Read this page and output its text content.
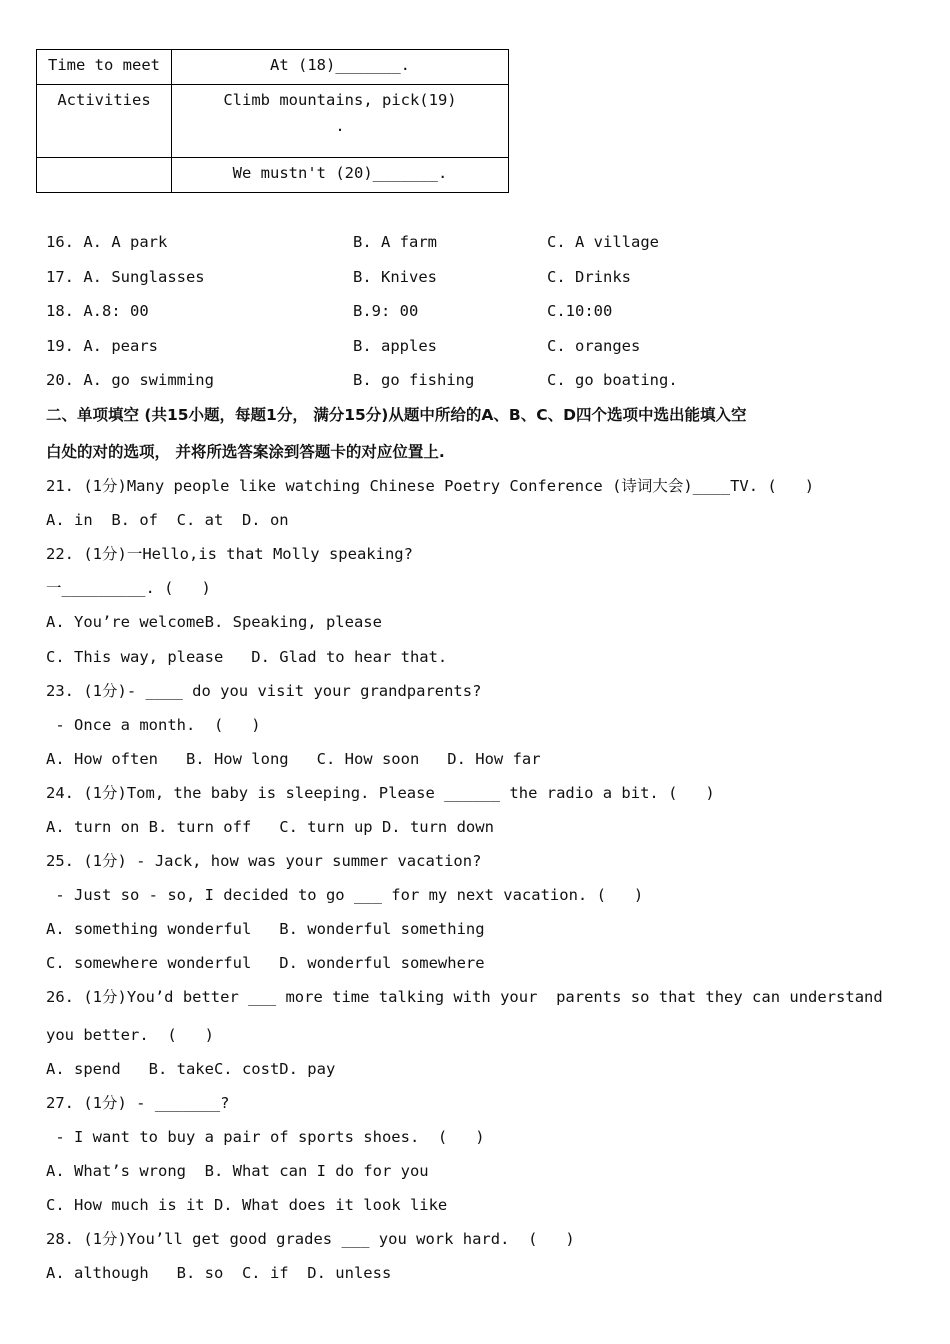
Time to meet	At (18)_______.

Activities	Climb mountains, pick(19)
.

	We mustn't (20)_______.
16. A. A park	B. A farm	C. A village
17. A. Sunglasses	B. Knives	C. Drinks
18. A.8: 00	B.9: 00	C.10:00
19. A. pears	B. apples	C. oranges
20. A. go swimming	B. go fishing	C. go boating.
二、单项填空 (共15小题，每题1分， 满分15分)从题中所给的A、B、C、D四个选项中选出能填入空
白处的对的选项， 并将所选答案涂到答题卡的对应位置上.
21. (1分)Many people like watching Chinese Poetry Conference (诗词大会)____TV. (   )
A. in  B. of  C. at  D. on
22. (1分)一Hello,is that Molly speaking?
一_________. (   )
A. You’re welcomeB. Speaking, please
C. This way, please   D. Glad to hear that.
23. (1分)- ____ do you visit your grandparents?
- Once a month.  (   )
A. How often   B. How long   C. How soon   D. How far
24. (1分)Tom, the baby is sleeping. Please ______ the radio a bit. (   )
A. turn on B. turn off   C. turn up D. turn down
25. (1分) - Jack, how was your summer vacation?
- Just so - so, I decided to go ___ for my next vacation. (   )
A. something wonderful   B. wonderful something
C. somewhere wonderful   D. wonderful somewhere
26. (1分)You’d better ___ more time talking with your  parents so that they can understand
you better.  (   )
A. spend   B. takeC. costD. pay
27. (1分) - _______?
- I want to buy a pair of sports shoes.  (   )
A. What’s wrong  B. What can I do for you
C. How much is it D. What does it look like
28. (1分)You’ll get good grades ___ you work hard.  (   )
A. although   B. so  C. if  D. unless
